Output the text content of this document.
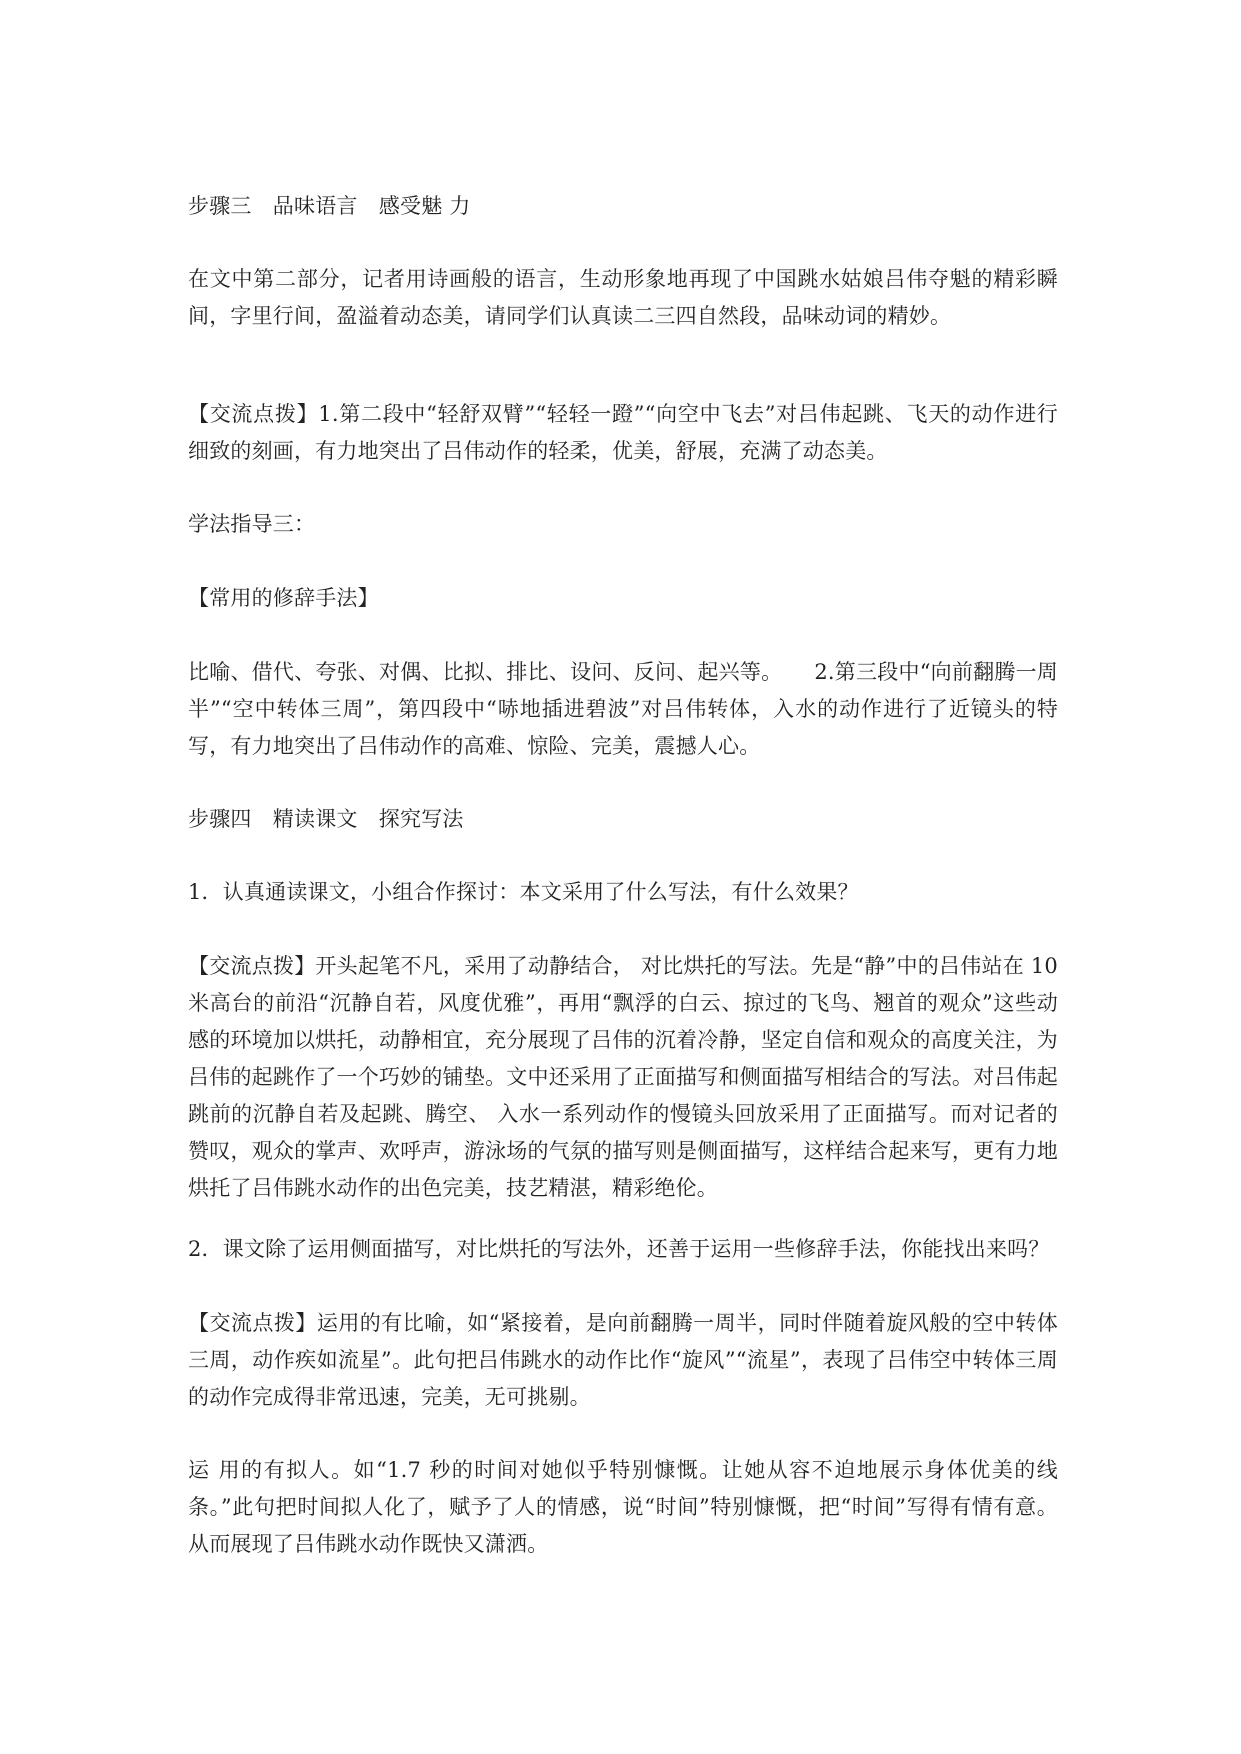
步骤三　品味语言　感受魅 力

在文中第二部分，记者用诗画般的语言，生动形象地再现了中国跳水姑娘吕伟夺魁的精彩瞬间，字里行间，盈溢着动态美，请同学们认真读二三四自然段，品味动词的精妙。

【交流点拨】1.第二段中“轻舒双臂”“轻轻一蹬”“向空中飞去”对吕伟起跳、飞天的动作进行细致的刻画，有力地突出了吕伟动作的轻柔，优美，舒展，充满了动态美。

学法指导三：

【常用的修辞手法】

比喻、借代、夸张、对偶、比拟、排比、设问、反问、起兴等。　　2.第三段中“向前翻腾一周半”“空中转体三周”，第四段中“哧地插进碧波”对吕伟转体，入水的动作进行了近镜头的特写，有力地突出了吕伟动作的高难、惊险、完美，震撼人心。

步骤四　精读课文　探究写法

1．认真通读课文，小组合作探讨：本文采用了什么写法，有什么效果？

【交流点拨】开头起笔不凡，采用了动静结合， 对比烘托的写法。先是“静”中的吕伟站在 10 米高台的前沿“沉静自若，风度优雅”，再用“飘浮的白云、掠过的飞鸟、翘首的观众”这些动感的环境加以烘托，动静相宜，充分展现了吕伟的沉着冷静，坚定自信和观众的高度关注，为吕伟的起跳作了一个巧妙的铺垫。文中还采用了正面描写和侧面描写相结合的写法。对吕伟起跳前的沉静自若及起跳、腾空、 入水一系列动作的慢镜头回放采用了正面描写。而对记者的赞叹，观众的掌声、欢呼声，游泳场的气氛的描写则是侧面描写，这样结合起来写，更有力地烘托了吕伟跳水动作的出色完美，技艺精湛，精彩绝伦。

2．课文除了运用侧面描写，对比烘托的写法外，还善于运用一些修辞手法，你能找出来吗？

【交流点拨】运用的有比喻，如“紧接着，是向前翻腾一周半，同时伴随着旋风般的空中转体三周，动作疾如流星”。此句把吕伟跳水的动作比作“旋风”“流星”，表现了吕伟空中转体三周的动作完成得非常迅速，完美，无可挑剔。

运 用的有拟人。如“1.7 秒的时间对她似乎特别慷慨。让她从容不迫地展示身体优美的线条。”此句把时间拟人化了，赋予了人的情感，说“时间”特别慷慨，把“时间”写得有情有意。从而展现了吕伟跳水动作既快又潇洒。
